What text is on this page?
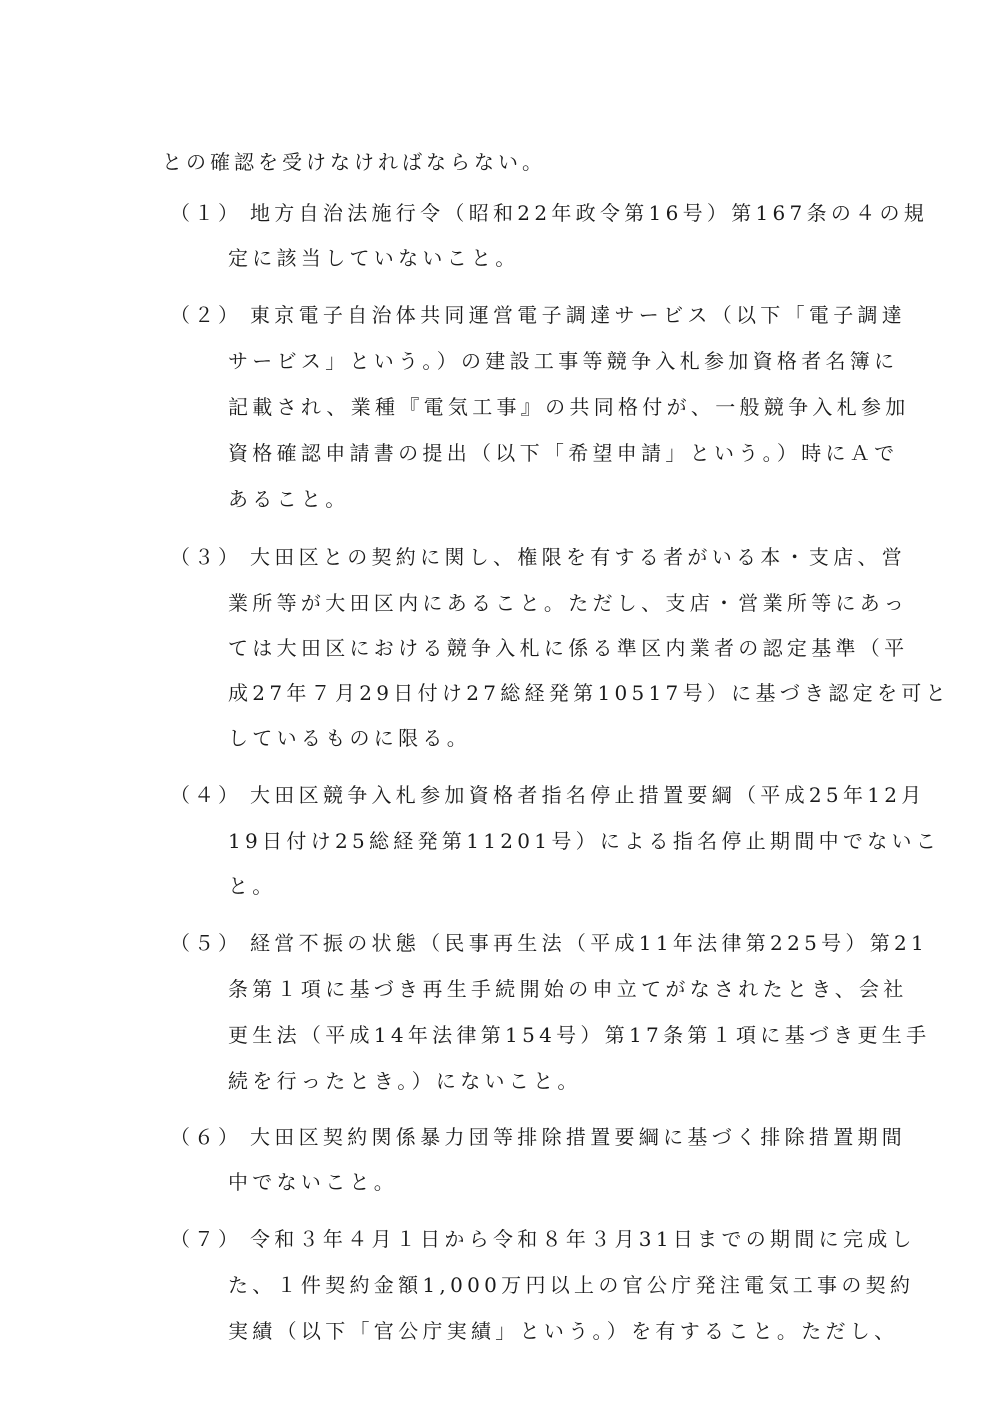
との確認を受けなければならない。
（１） 地方自治法施行令（昭和22年政令第16号）第167条の４の規
定に該当していないこと。
（２） 東京電子自治体共同運営電子調達サービス（以下「電子調達
サービス」という。）の建設工事等競争入札参加資格者名簿に
記載され、業種『電気工事』の共同格付が、一般競争入札参加
資格確認申請書の提出（以下「希望申請」という。）時にＡで
あること。
（３） 大田区との契約に関し、権限を有する者がいる本・支店、営
業所等が大田区内にあること。ただし、支店・営業所等にあっ
ては大田区における競争入札に係る準区内業者の認定基準（平
成27年７月29日付け27総経発第10517号）に基づき認定を可と
しているものに限る。
（４） 大田区競争入札参加資格者指名停止措置要綱（平成25年12月
19日付け25総経発第11201号）による指名停止期間中でないこ
と。
（５） 経営不振の状態（民事再生法（平成11年法律第225号）第21
条第１項に基づき再生手続開始の申立てがなされたとき、会社
更生法（平成14年法律第154号）第17条第１項に基づき更生手
続を行ったとき。）にないこと。
（６） 大田区契約関係暴力団等排除措置要綱に基づく排除措置期間
中でないこと。
（７） 令和３年４月１日から令和８年３月31日までの期間に完成し
た、１件契約金額1,000万円以上の官公庁発注電気工事の契約
実績（以下「官公庁実績」という。）を有すること。ただし、
